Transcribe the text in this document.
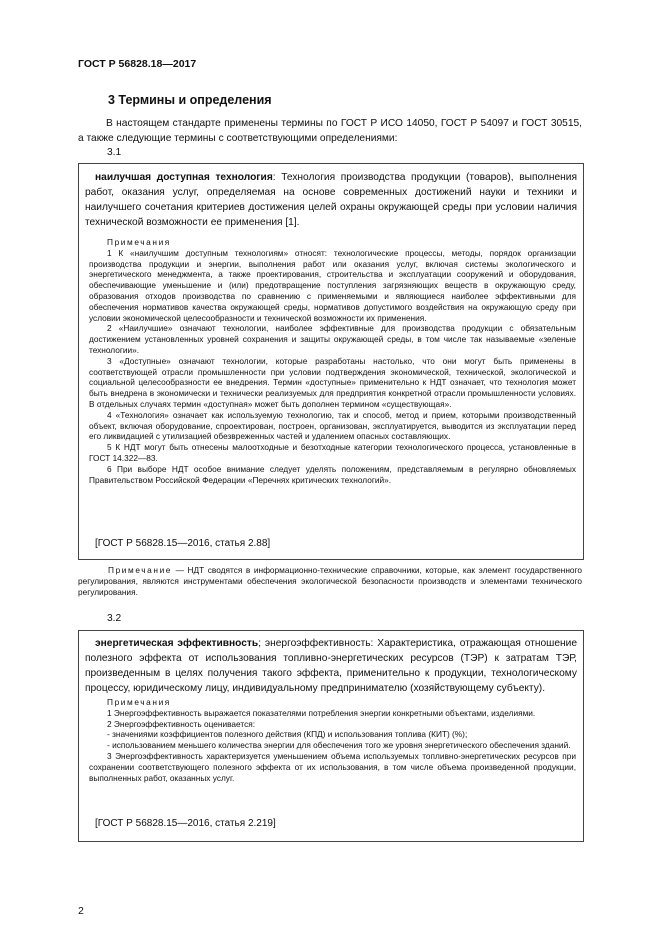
ГОСТ Р 56828.18—2017
3 Термины и определения
В настоящем стандарте применены термины по ГОСТ Р ИСО 14050, ГОСТ Р 54097 и ГОСТ 30515, а также следующие термины с соответствующими определениями:
3.1
наилучшая доступная технология: Технология производства продукции (товаров), выполнения работ, оказания услуг, определяемая на основе современных достижений науки и техники и наилучшего сочетания критериев достижения целей охраны окружающей среды при условии наличия технической возможности ее применения [1].

Примечания

1 К «наилучшим доступным технологиям» относят: технологические процессы, методы, порядок организации производства продукции и энергии, выполнения работ или оказания услуг, включая системы экологического и энергетического менеджмента, а также проектирования, строительства и эксплуатации сооружений и оборудования, обеспечивающие уменьшение и (или) предотвращение поступления загрязняющих веществ в окружающую среду, образования отходов производства по сравнению с применяемыми и являющиеся наиболее эффективными для обеспечения нормативов качества окружающей среды, нормативов допустимого воздействия на окружающую среду при условии экономической целесообразности и технической возможности их применения.

2 «Наилучшие» означают технологии, наиболее эффективные для производства продукции с обязательным достижением установленных уровней сохранения и защиты окружающей среды, в том числе так называемые «зеленые технологии».

3 «Доступные» означают технологии, которые разработаны настолько, что они могут быть применены в соответствующей отрасли промышленности при условии подтверждения экономической, технической, экологической и социальной целесообразности ее внедрения. Термин «доступные» применительно к НДТ означает, что технология может быть внедрена в экономически и технически реализуемых для предприятия конкретной отрасли промышленности условиях. В отдельных случаях термин «доступная» может быть дополнен термином «существующая».

4 «Технология» означает как используемую технологию, так и способ, метод и прием, которыми производственный объект, включая оборудование, спроектирован, построен, организован, эксплуатируется, выводится из эксплуатации перед его ликвидацией с утилизацией обезвреженных частей и удалением опасных составляющих.

5 К НДТ могут быть отнесены малоотходные и безотходные категории технологического процесса, установленные в ГОСТ 14.322—83.

6 При выборе НДТ особое внимание следует уделять положениям, представляемым в регулярно обновляемых Правительством Российской Федерации «Перечнях критических технологий».

[ГОСТ Р 56828.15—2016, статья 2.88]
Примечание — НДТ сводятся в информационно-технические справочники, которые, как элемент государственного регулирования, являются инструментами обеспечения экологической безопасности производств и элементами технического регулирования.
3.2
энергетическая эффективность; энергоэффективность: Характеристика, отражающая отношение полезного эффекта от использования топливно-энергетических ресурсов (ТЭР) к затратам ТЭР, произведенным в целях получения такого эффекта, применительно к продукции, технологическому процессу, юридическому лицу, индивидуальному предпринимателю (хозяйствующему субъекту).

Примечания

1 Энергоэффективность выражается показателями потребления энергии конкретными объектами, изделиями.

2 Энергоэффективность оценивается:

- значениями коэффициентов полезного действия (КПД) и использования топлива (КИТ) (%);

- использованием меньшего количества энергии для обеспечения того же уровня энергетического обеспечения зданий.

3 Энергоэффективность характеризуется уменьшением объема используемых топливно-энергетических ресурсов при сохранении соответствующего полезного эффекта от их использования, в том числе объема произведенной продукции, выполненных работ, оказанных услуг.

[ГОСТ Р 56828.15—2016, статья 2.219]
2
